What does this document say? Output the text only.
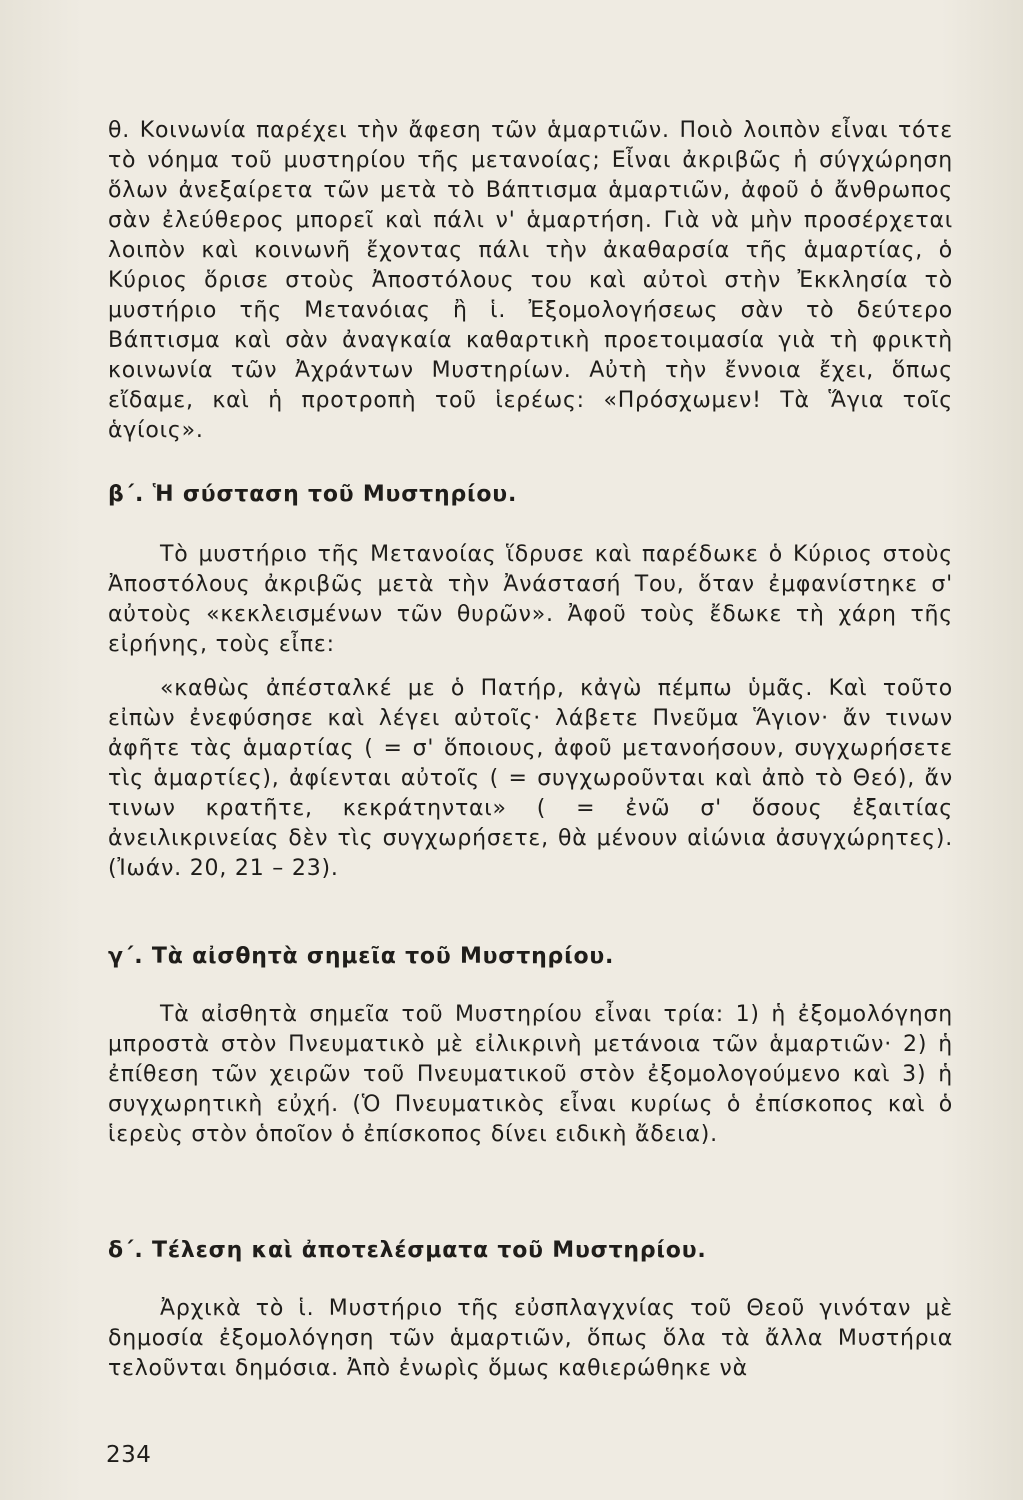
θ. Κοινωνία παρέχει τὴν ἄφεση τῶν ἁμαρτιῶν. Ποιὸ λοιπὸν εἶναι τότε τὸ νόημα τοῦ μυστηρίου τῆς μετανοίας; Εἶναι ἀκριβῶς ἡ σύγχώρηση ὅλων ἀνεξαίρετα τῶν μετὰ τὸ Βάπτισμα ἁμαρτιῶν, ἀφοῦ ὁ ἄνθρωπος σὰν ἐλεύθερος μπορεῖ καὶ πάλι ν' ἁμαρτήση. Γιὰ νὰ μὴν προσέρχεται λοιπὸν καὶ κοινωνῆ ἔχοντας πάλι τὴν ἀκαθαρσία τῆς ἁμαρτίας, ὁ Κύριος ὅρισε στοὺς Ἀποστόλους του καὶ αὐτοὶ στὴν Ἐκκλησία τὸ μυστήριο τῆς Μετανόιας ἢ ἱ. Ἐξομολογήσεως σὰν τὸ δεύτερο Βάπτισμα καὶ σὰν ἀναγκαία καθαρτικὴ προετοιμασία γιὰ τὴ φρικτὴ κοινωνία τῶν Ἀχράντων Μυστηρίων. Αὐτὴ τὴν ἔννοια ἔχει, ὅπως εἴδαμε, καὶ ἡ προτροπὴ τοῦ ἱερέως: «Πρόσχωμεν! Τὰ Ἅγια τοῖς ἁγίοις».

β΄. Ἡ σύσταση τοῦ Μυστηρίου.

Τὸ μυστήριο τῆς Μετανοίας ἵδρυσε καὶ παρέδωκε ὁ Κύριος στοὺς Ἀποστόλους ἀκριβῶς μετὰ τὴν Ἀνάστασή Του, ὅταν ἐμφανίστηκε σ' αὐτοὺς «κεκλεισμένων τῶν θυρῶν». Ἀφοῦ τοὺς ἔδωκε τὴ χάρη τῆς εἰρήνης, τοὺς εἶπε:

«καθὼς ἀπέσταλκέ με ὁ Πατήρ, κἀγὼ πέμπω ὑμᾶς. Καὶ τοῦτο εἰπὼν ἐνεφύσησε καὶ λέγει αὐτοῖς· λάβετε Πνεῦμα Ἅγιον· ἄν τινων ἀφῆτε τὰς ἁμαρτίας ( = σ' ὅποιους, ἀφοῦ μετανοήσουν, συγχωρήσετε τὶς ἁμαρτίες), ἀφίενται αὐτοῖς ( = συγχωροῦνται καὶ ἀπὸ τὸ Θεό), ἄν τινων κρατῆτε, κεκράτηνται» ( = ἐνῶ σ' ὅσους ἐξαιτίας ἀνειλικρινείας δὲν τὶς συγχωρήσετε, θὰ μένουν αἰώνια ἀσυγχώρητες). (Ἰωάν. 20, 21 – 23).

γ΄. Τὰ αἰσθητὰ σημεῖα τοῦ Μυστηρίου.

Τὰ αἰσθητὰ σημεῖα τοῦ Μυστηρίου εἶναι τρία: 1) ἡ ἐξομολόγηση μπροστὰ στὸν Πνευματικὸ μὲ εἰλικρινὴ μετάνοια τῶν ἁμαρτιῶν· 2) ἡ ἐπίθεση τῶν χειρῶν τοῦ Πνευματικοῦ στὸν ἐξομολογούμενο καὶ 3) ἡ συγχωρητικὴ εὐχή. (Ὁ Πνευματικὸς εἶναι κυρίως ὁ ἐπίσκοπος καὶ ὁ ἱερεὺς στὸν ὁποῖον ὁ ἐπίσκοπος δίνει ειδικὴ ἄδεια).

δ΄. Τέλεση καὶ ἀποτελέσματα τοῦ Μυστηρίου.

Ἀρχικὰ τὸ ἱ. Μυστήριο τῆς εὐσπλαγχνίας τοῦ Θεοῦ γινόταν μὲ δημοσία ἐξομολόγηση τῶν ἁμαρτιῶν, ὅπως ὅλα τὰ ἄλλα Μυστήρια τελοῦνται δημόσια. Ἀπὸ ἐνωρὶς ὅμως καθιερώθηκε νὰ

234
